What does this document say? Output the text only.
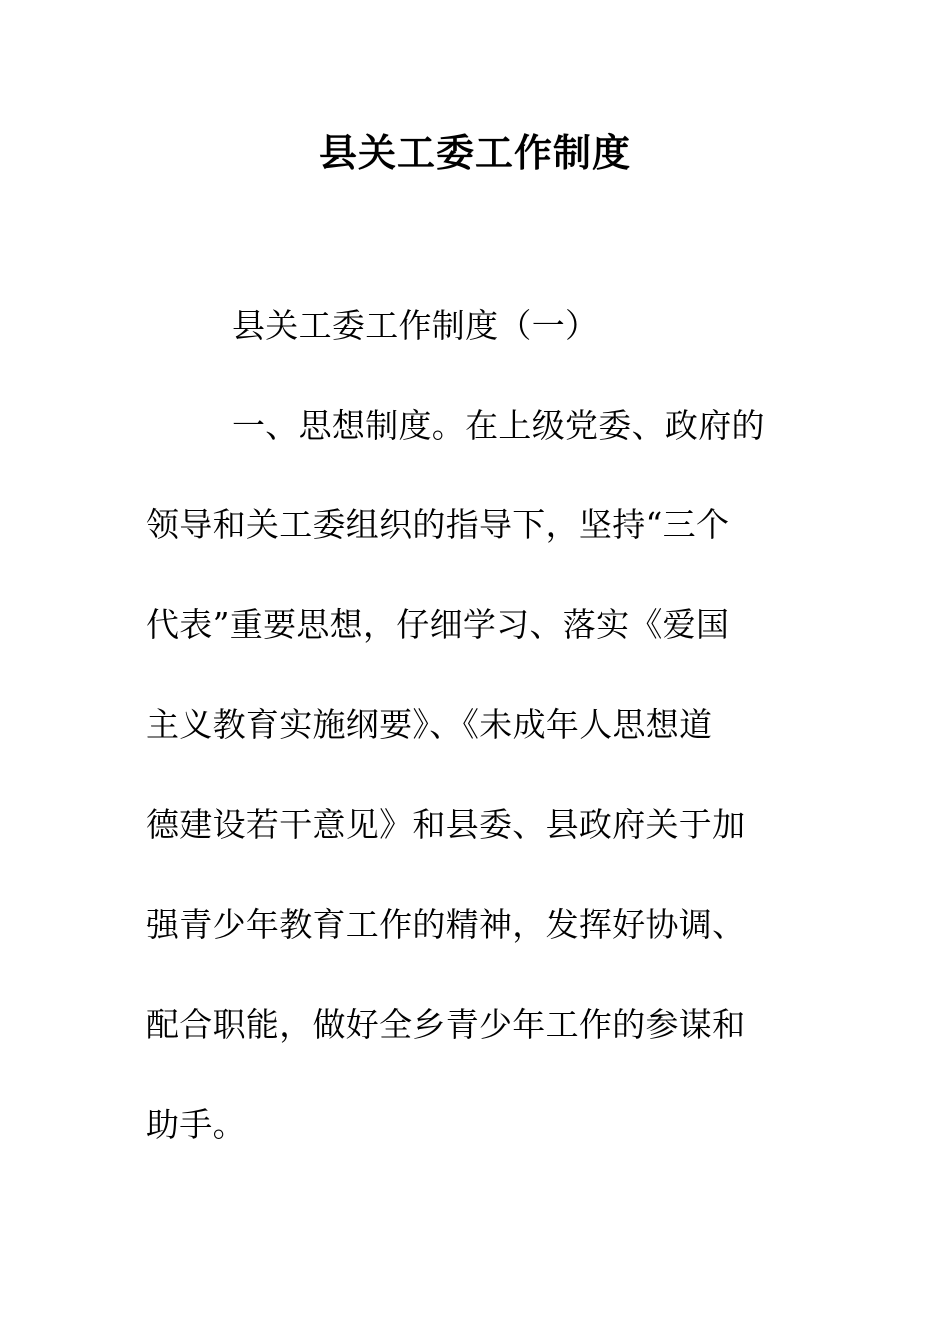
县关工委工作制度

县关工委工作制度（一）

一、思想制度。在上级党委、政府的

领导和关工委组织的指导下，坚持“三个

代表”重要思想，仔细学习、落实《爱国

主义教育实施纲要》、《未成年人思想道

德建设若干意见》和县委、县政府关于加

强青少年教育工作的精神，发挥好协调、

配合职能，做好全乡青少年工作的参谋和

助手。
